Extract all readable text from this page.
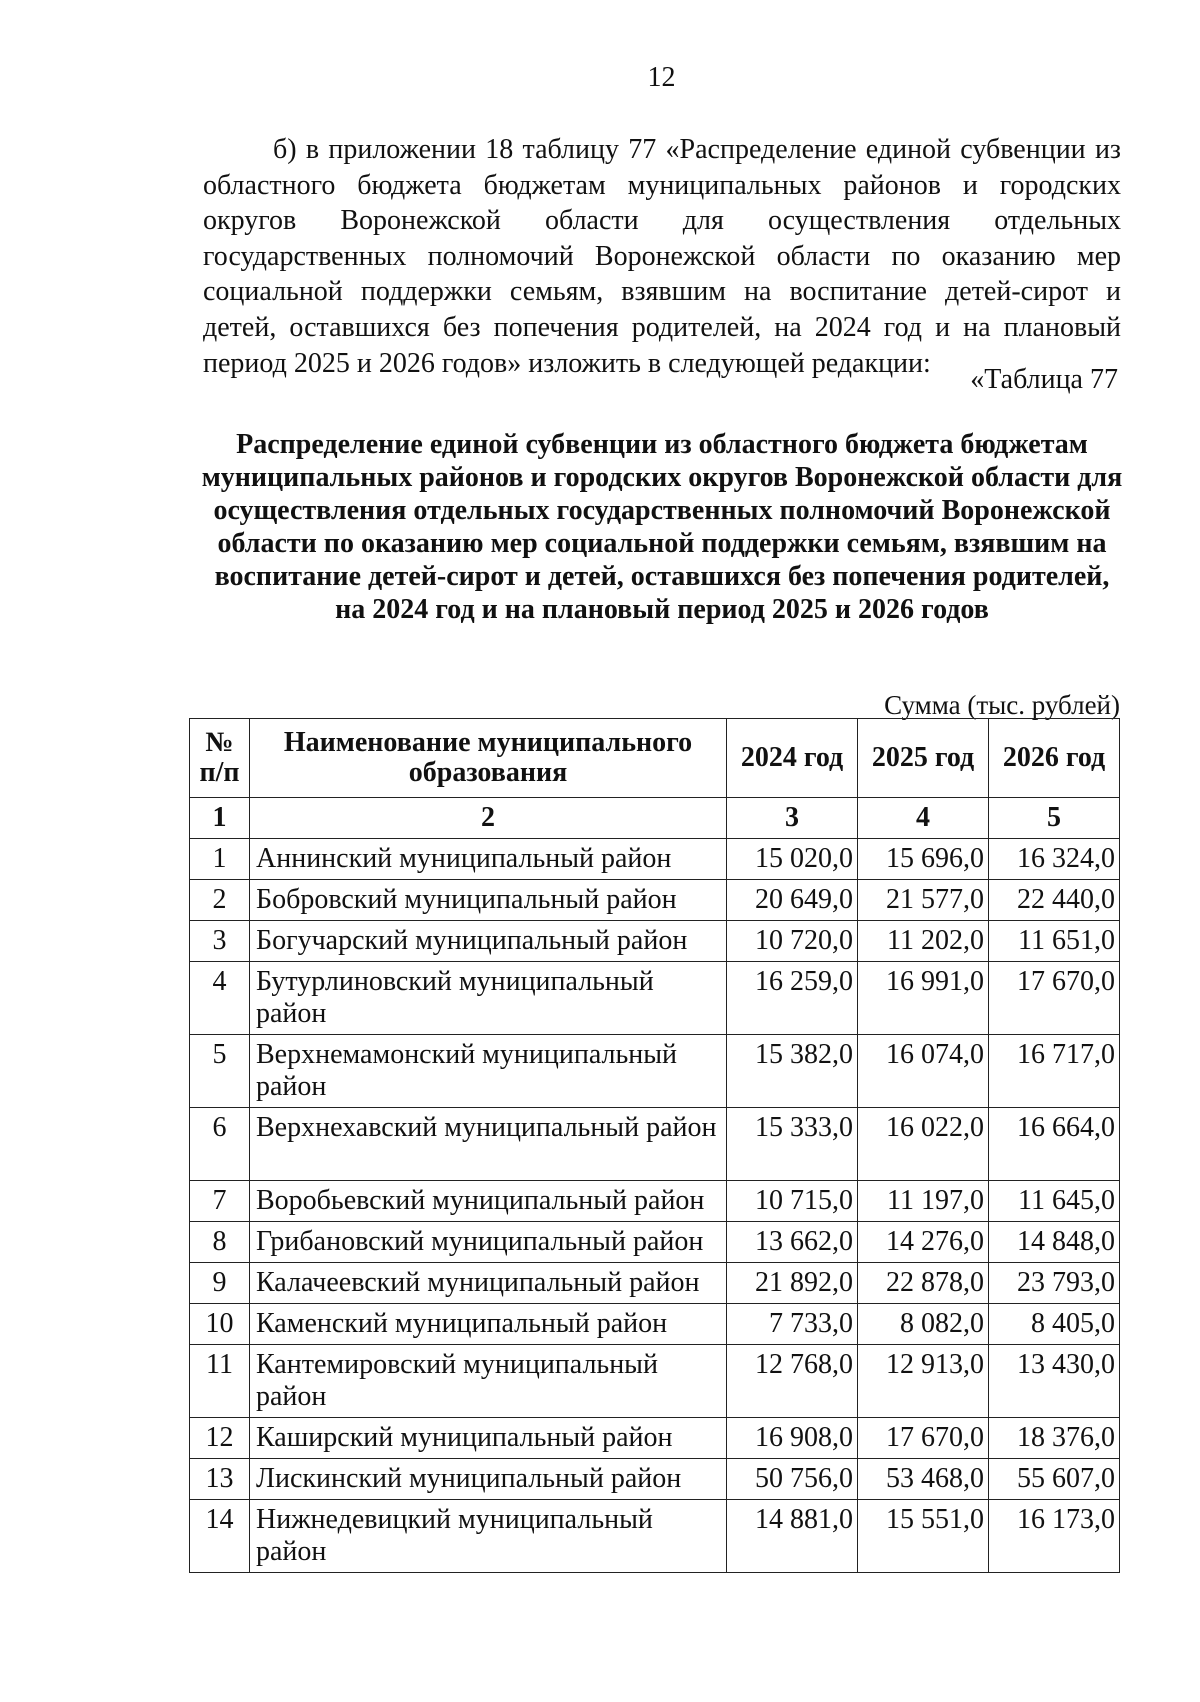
12
б) в приложении 18 таблицу 77 «Распределение единой субвенции из областного бюджета бюджетам муниципальных районов и городских округов Воронежской области для осуществления отдельных государственных полномочий Воронежской области по оказанию мер социальной поддержки семьям, взявшим на воспитание детей-сирот и детей, оставшихся без попечения родителей, на 2024 год и на плановый период 2025 и 2026 годов» изложить в следующей редакции:
«Таблица 77
Распределение единой субвенции из областного бюджета бюджетам муниципальных районов и городских округов Воронежской области для осуществления отдельных государственных полномочий Воронежской области по оказанию мер социальной поддержки семьям, взявшим на воспитание детей-сирот и детей, оставшихся без попечения родителей, на 2024 год и на плановый период 2025 и 2026 годов
Сумма (тыс. рублей)
№ п/п	Наименование муниципального образования	2024 год	2025 год	2026 год
1	2	3	4	5
1	Аннинский муниципальный район	15 020,0	15 696,0	16 324,0
2	Бобровский муниципальный район	20 649,0	21 577,0	22 440,0
3	Богучарский муниципальный район	10 720,0	11 202,0	11 651,0
4	Бутурлиновский муниципальный район	16 259,0	16 991,0	17 670,0
5	Верхнемамонский муниципальный район	15 382,0	16 074,0	16 717,0
6	Верхнехавский муниципальный район	15 333,0	16 022,0	16 664,0
7	Воробьевский муниципальный район	10 715,0	11 197,0	11 645,0
8	Грибановский муниципальный район	13 662,0	14 276,0	14 848,0
9	Калачеевский муниципальный район	21 892,0	22 878,0	23 793,0
10	Каменский муниципальный район	7 733,0	8 082,0	8 405,0
11	Кантемировский муниципальный район	12 768,0	12 913,0	13 430,0
12	Каширский муниципальный район	16 908,0	17 670,0	18 376,0
13	Лискинский муниципальный район	50 756,0	53 468,0	55 607,0
14	Нижнедевицкий муниципальный район	14 881,0	15 551,0	16 173,0
